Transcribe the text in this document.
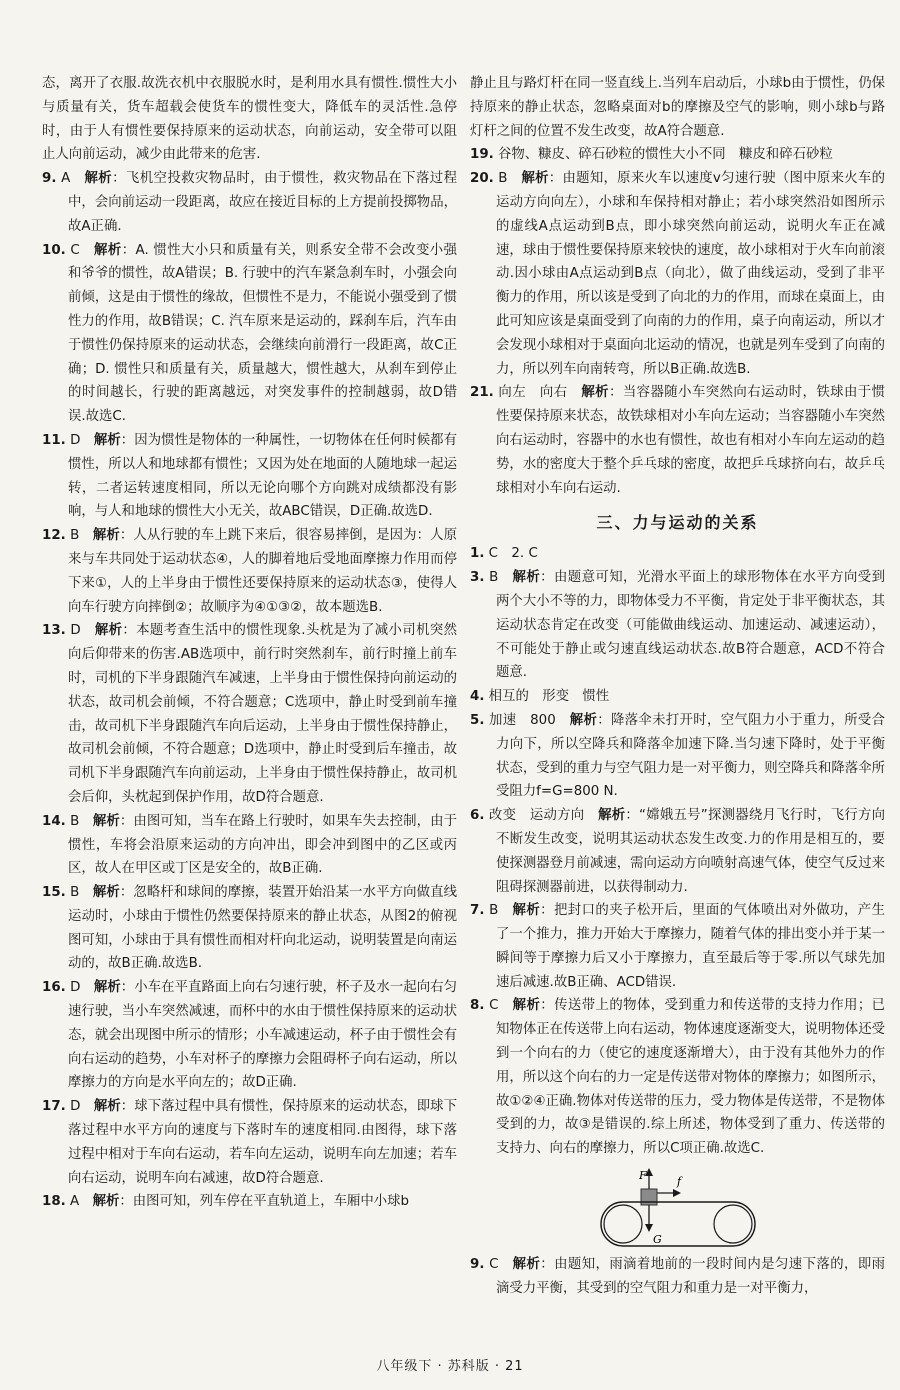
态，离开了衣服.故洗衣机中衣服脱水时，是利用水具有惯性.惯性大小与质量有关，货车超载会使货车的惯性变大，降低车的灵活性.急停时，由于人有惯性要保持原来的运动状态，向前运动，安全带可以阻止人向前运动，减少由此带来的危害.

9. A　 解析：飞机空投救灾物品时，由于惯性，救灾物品在下落过程中，会向前运动一段距离，故应在接近目标的上方提前投掷物品，故A正确.

10. C　 解析：A. 惯性大小只和质量有关，则系安全带不会改变小强和爷爷的惯性，故A错误；B. 行驶中的汽车紧急刹车时，小强会向前倾，这是由于惯性的缘故，但惯性不是力，不能说小强受到了惯性力的作用，故B错误；C. 汽车原来是运动的，踩刹车后，汽车由于惯性仍保持原来的运动状态，会继续向前滑行一段距离，故C正确；D. 惯性只和质量有关，质量越大，惯性越大，从刹车到停止的时间越长，行驶的距离越远，对突发事件的控制越弱，故D错误.故选C.

11. D　 解析：因为惯性是物体的一种属性，一切物体在任何时候都有惯性，所以人和地球都有惯性；又因为处在地面的人随地球一起运转，二者运转速度相同，所以无论向哪个方向跳对成绩都没有影响，与人和地球的惯性大小无关，故ABC错误，D正确.故选D.

12. B　 解析：人从行驶的车上跳下来后，很容易摔倒，是因为：人原来与车共同处于运动状态④，人的脚着地后受地面摩擦力作用而停下来①，人的上半身由于惯性还要保持原来的运动状态③，使得人向车行驶方向摔倒②；故顺序为④①③②，故本题选B.

13. D　 解析：本题考查生活中的惯性现象.头枕是为了减小司机突然向后仰带来的伤害.AB选项中，前行时突然刹车，前行时撞上前车时，司机的下半身跟随汽车减速，上半身由于惯性保持向前运动的状态，故司机会前倾，不符合题意；C选项中，静止时受到前车撞击，故司机下半身跟随汽车向后运动，上半身由于惯性保持静止，故司机会前倾，不符合题意；D选项中，静止时受到后车撞击，故司机下半身跟随汽车向前运动，上半身由于惯性保持静止，故司机会后仰，头枕起到保护作用，故D符合题意.

14. B　 解析：由图可知，当车在路上行驶时，如果车失去控制，由于惯性，车将会沿原来运动的方向冲出，即会冲到图中的乙区或丙区，故人在甲区或丁区是安全的，故B正确.

15. B　 解析：忽略杆和球间的摩擦，装置开始沿某一水平方向做直线运动时，小球由于惯性仍然要保持原来的静止状态，从图2的俯视图可知，小球由于具有惯性而相对杆向北运动，说明装置是向南运动的，故B正确.故选B.

16. D　 解析：小车在平直路面上向右匀速行驶，杯子及水一起向右匀速行驶，当小车突然减速，而杯中的水由于惯性保持原来的运动状态，就会出现图中所示的情形；小车减速运动，杯子由于惯性会有向右运动的趋势，小车对杯子的摩擦力会阻碍杯子向右运动，所以摩擦力的方向是水平向左的；故D正确.

17. D　 解析：球下落过程中具有惯性，保持原来的运动状态，即球下落过程中水平方向的速度与下落时车的速度相同.由图得，球下落过程中相对于车向右运动，若车向左运动，说明车向左加速；若车向右运动，说明车向右减速，故D符合题意.

18. A　 解析：由图可知，列车停在平直轨道上，车厢中小球b

静止且与路灯杆在同一竖直线上.当列车启动后，小球b由于惯性，仍保持原来的静止状态，忽略桌面对b的摩擦及空气的影响，则小球b与路灯杆之间的位置不发生改变，故A符合题意.

19. 谷物、糠皮、碎石砂粒的惯性大小不同　糠皮和碎石砂粒

20. B　 解析：由题知，原来火车以速度v匀速行驶（图中原来火车的运动方向向左），小球和车保持相对静止；若小球突然沿如图所示的虚线A点运动到B点，即小球突然向前运动，说明火车正在减速，球由于惯性要保持原来较快的速度，故小球相对于火车向前滚动.因小球由A点运动到B点（向北），做了曲线运动，受到了非平衡力的作用，所以该是受到了向北的力的作用，而球在桌面上，由此可知应该是桌面受到了向南的力的作用，桌子向南运动，所以才会发现小球相对于桌面向北运动的情况，也就是列车受到了向南的力，所以列车向南转弯，所以B正确.故选B.

21. 向左　向右　 解析：当容器随小车突然向右运动时，铁球由于惯性要保持原来状态，故铁球相对小车向左运动；当容器随小车突然向右运动时，容器中的水也有惯性，故也有相对小车向左运动的趋势，水的密度大于整个乒乓球的密度，故把乒乓球挤向右，故乒乓球相对小车向右运动.

三、力与运动的关系

1. C　2. C

3. B　 解析：由题意可知，光滑水平面上的球形物体在水平方向受到两个大小不等的力，即物体受力不平衡，肯定处于非平衡状态，其运动状态肯定在改变（可能做曲线运动、加速运动、减速运动），不可能处于静止或匀速直线运动状态.故B符合题意，ACD不符合题意.

4. 相互的　形变　惯性

5. 加速　800　 解析：降落伞未打开时，空气阻力小于重力，所受合力向下，所以空降兵和降落伞加速下降.当匀速下降时，处于平衡状态，受到的重力与空气阻力是一对平衡力，则空降兵和降落伞所受阻力f=G=800 N.

6. 改变　运动方向　 解析：“嫦娥五号”探测器绕月飞行时，飞行方向不断发生改变，说明其运动状态发生改变.力的作用是相互的，要使探测器登月前减速，需向运动方向喷射高速气体，使空气反过来阻碍探测器前进，以获得制动力.

7. B　 解析：把封口的夹子松开后，里面的气体喷出对外做功，产生了一个推力，推力开始大于摩擦力，随着气体的排出变小并于某一瞬间等于摩擦力后又小于摩擦力，直至最后等于零.所以气球先加速后减速.故B正确、ACD错误.

8. C　 解析：传送带上的物体，受到重力和传送带的支持力作用；已知物体正在传送带上向右运动，物体速度逐渐变大，说明物体还受到一个向右的力（使它的速度逐渐增大），由于没有其他外力的作用，所以这个向右的力一定是传送带对物体的摩擦力；如图所示，故①②④正确.物体对传送带的压力，受力物体是传送带，不是物体受到的力，故③是错误的.综上所述，物体受到了重力、传送带的支持力、向右的摩擦力，所以C项正确.故选C.

F	f
G

9. C　 解析：由题知，雨滴着地前的一段时间内是匀速下落的，即雨滴受力平衡，其受到的空气阻力和重力是一对平衡力，

八年级下 · 苏科版 · 21
